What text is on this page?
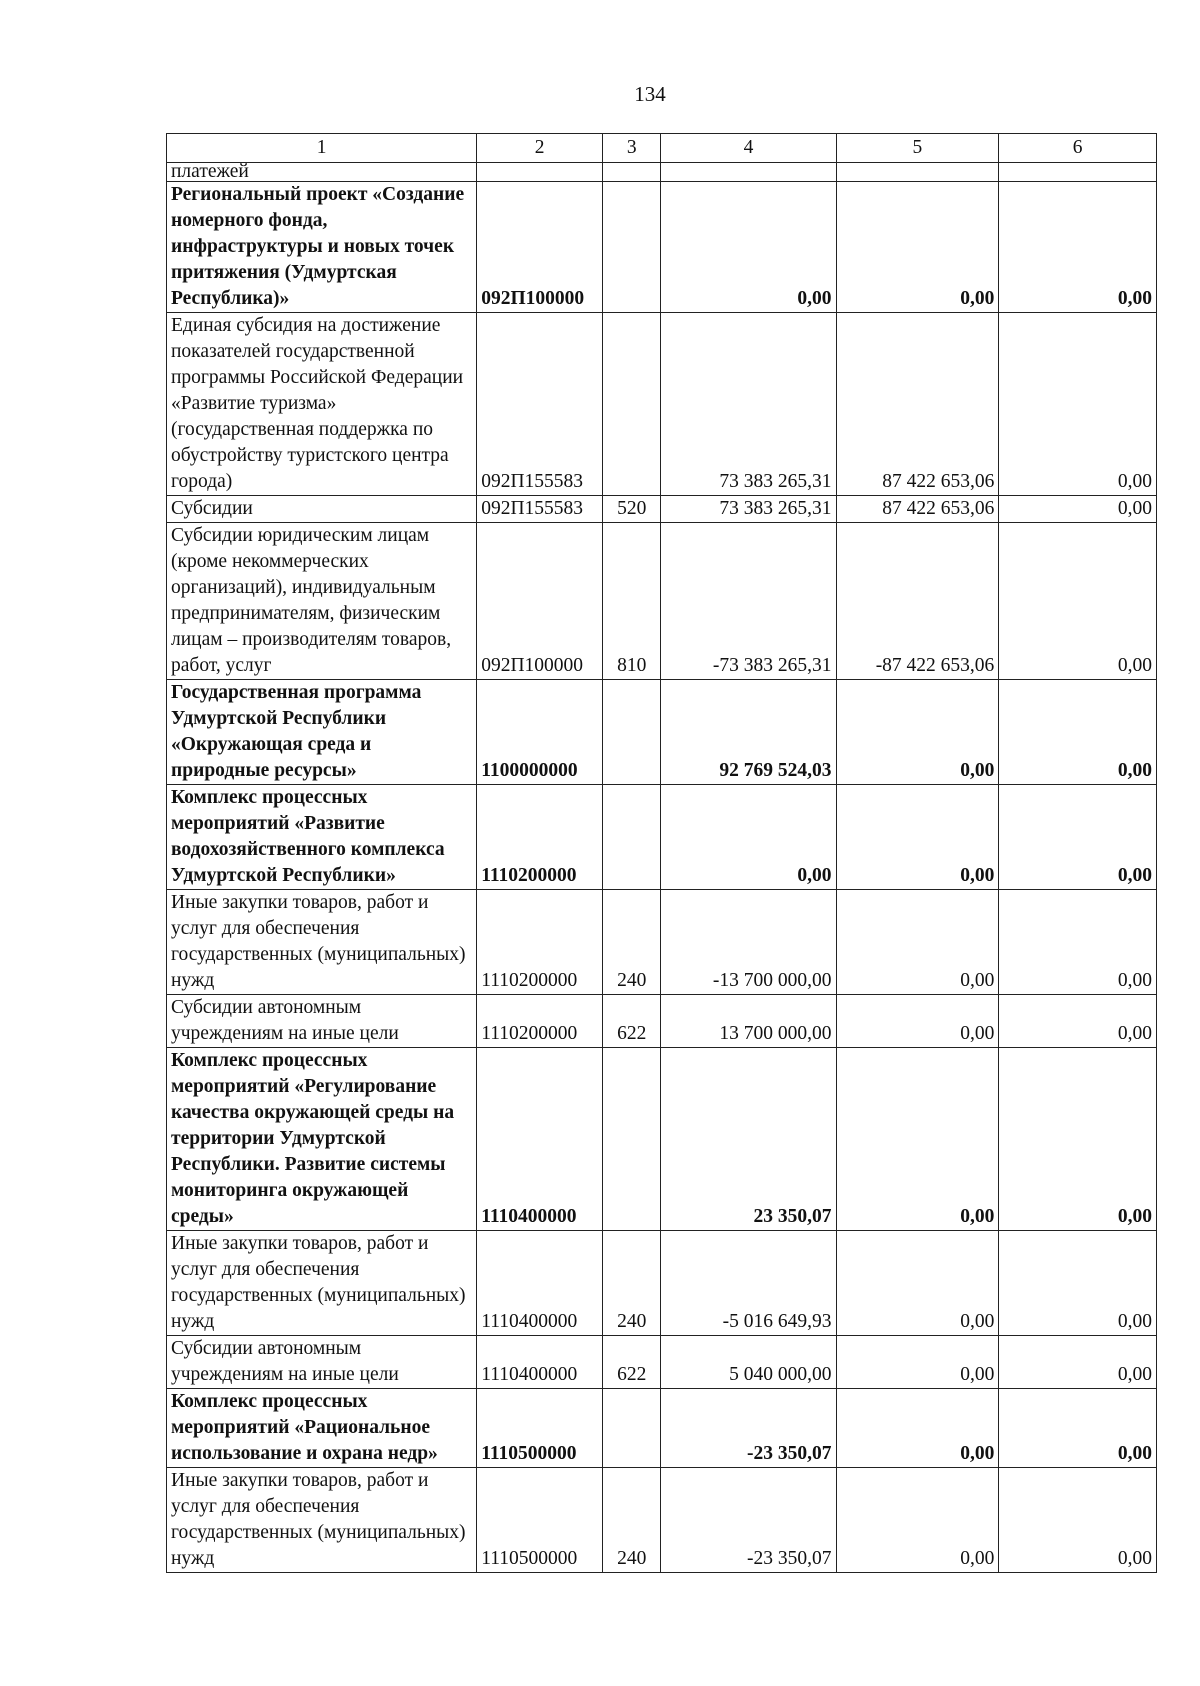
134
1	2	3	4	5	6
платежей					
Региональный проект «Создание номерного фонда, инфраструктуры и новых точек притяжения (Удмуртская Республика)»	092П100000		0,00	0,00	0,00
Единая субсидия на достижение показателей государственной программы Российской Федерации «Развитие туризма» (государственная поддержка по обустройству туристского центра города)	092П155583		73 383 265,31	87 422 653,06	0,00
Субсидии	092П155583	520	73 383 265,31	87 422 653,06	0,00
Субсидии юридическим лицам (кроме некоммерческих организаций), индивидуальным предпринимателям, физическим лицам – производителям товаров, работ, услуг	092П100000	810	-73 383 265,31	-87 422 653,06	0,00
Государственная программа Удмуртской Республики «Окружающая среда и природные ресурсы»	1100000000		92 769 524,03	0,00	0,00
Комплекс процессных мероприятий «Развитие водохозяйственного комплекса Удмуртской Республики»	1110200000		0,00	0,00	0,00
Иные закупки товаров, работ и услуг для обеспечения государственных (муниципальных) нужд	1110200000	240	-13 700 000,00	0,00	0,00
Субсидии автономным учреждениям на иные цели	1110200000	622	13 700 000,00	0,00	0,00
Комплекс процессных мероприятий «Регулирование качества окружающей среды на территории Удмуртской Республики. Развитие системы мониторинга окружающей среды»	1110400000		23 350,07	0,00	0,00
Иные закупки товаров, работ и услуг для обеспечения государственных (муниципальных) нужд	1110400000	240	-5 016 649,93	0,00	0,00
Субсидии автономным учреждениям на иные цели	1110400000	622	5 040 000,00	0,00	0,00
Комплекс процессных мероприятий «Рациональное использование и охрана недр»	1110500000		-23 350,07	0,00	0,00
Иные закупки товаров, работ и услуг для обеспечения государственных (муниципальных) нужд	1110500000	240	-23 350,07	0,00	0,00
